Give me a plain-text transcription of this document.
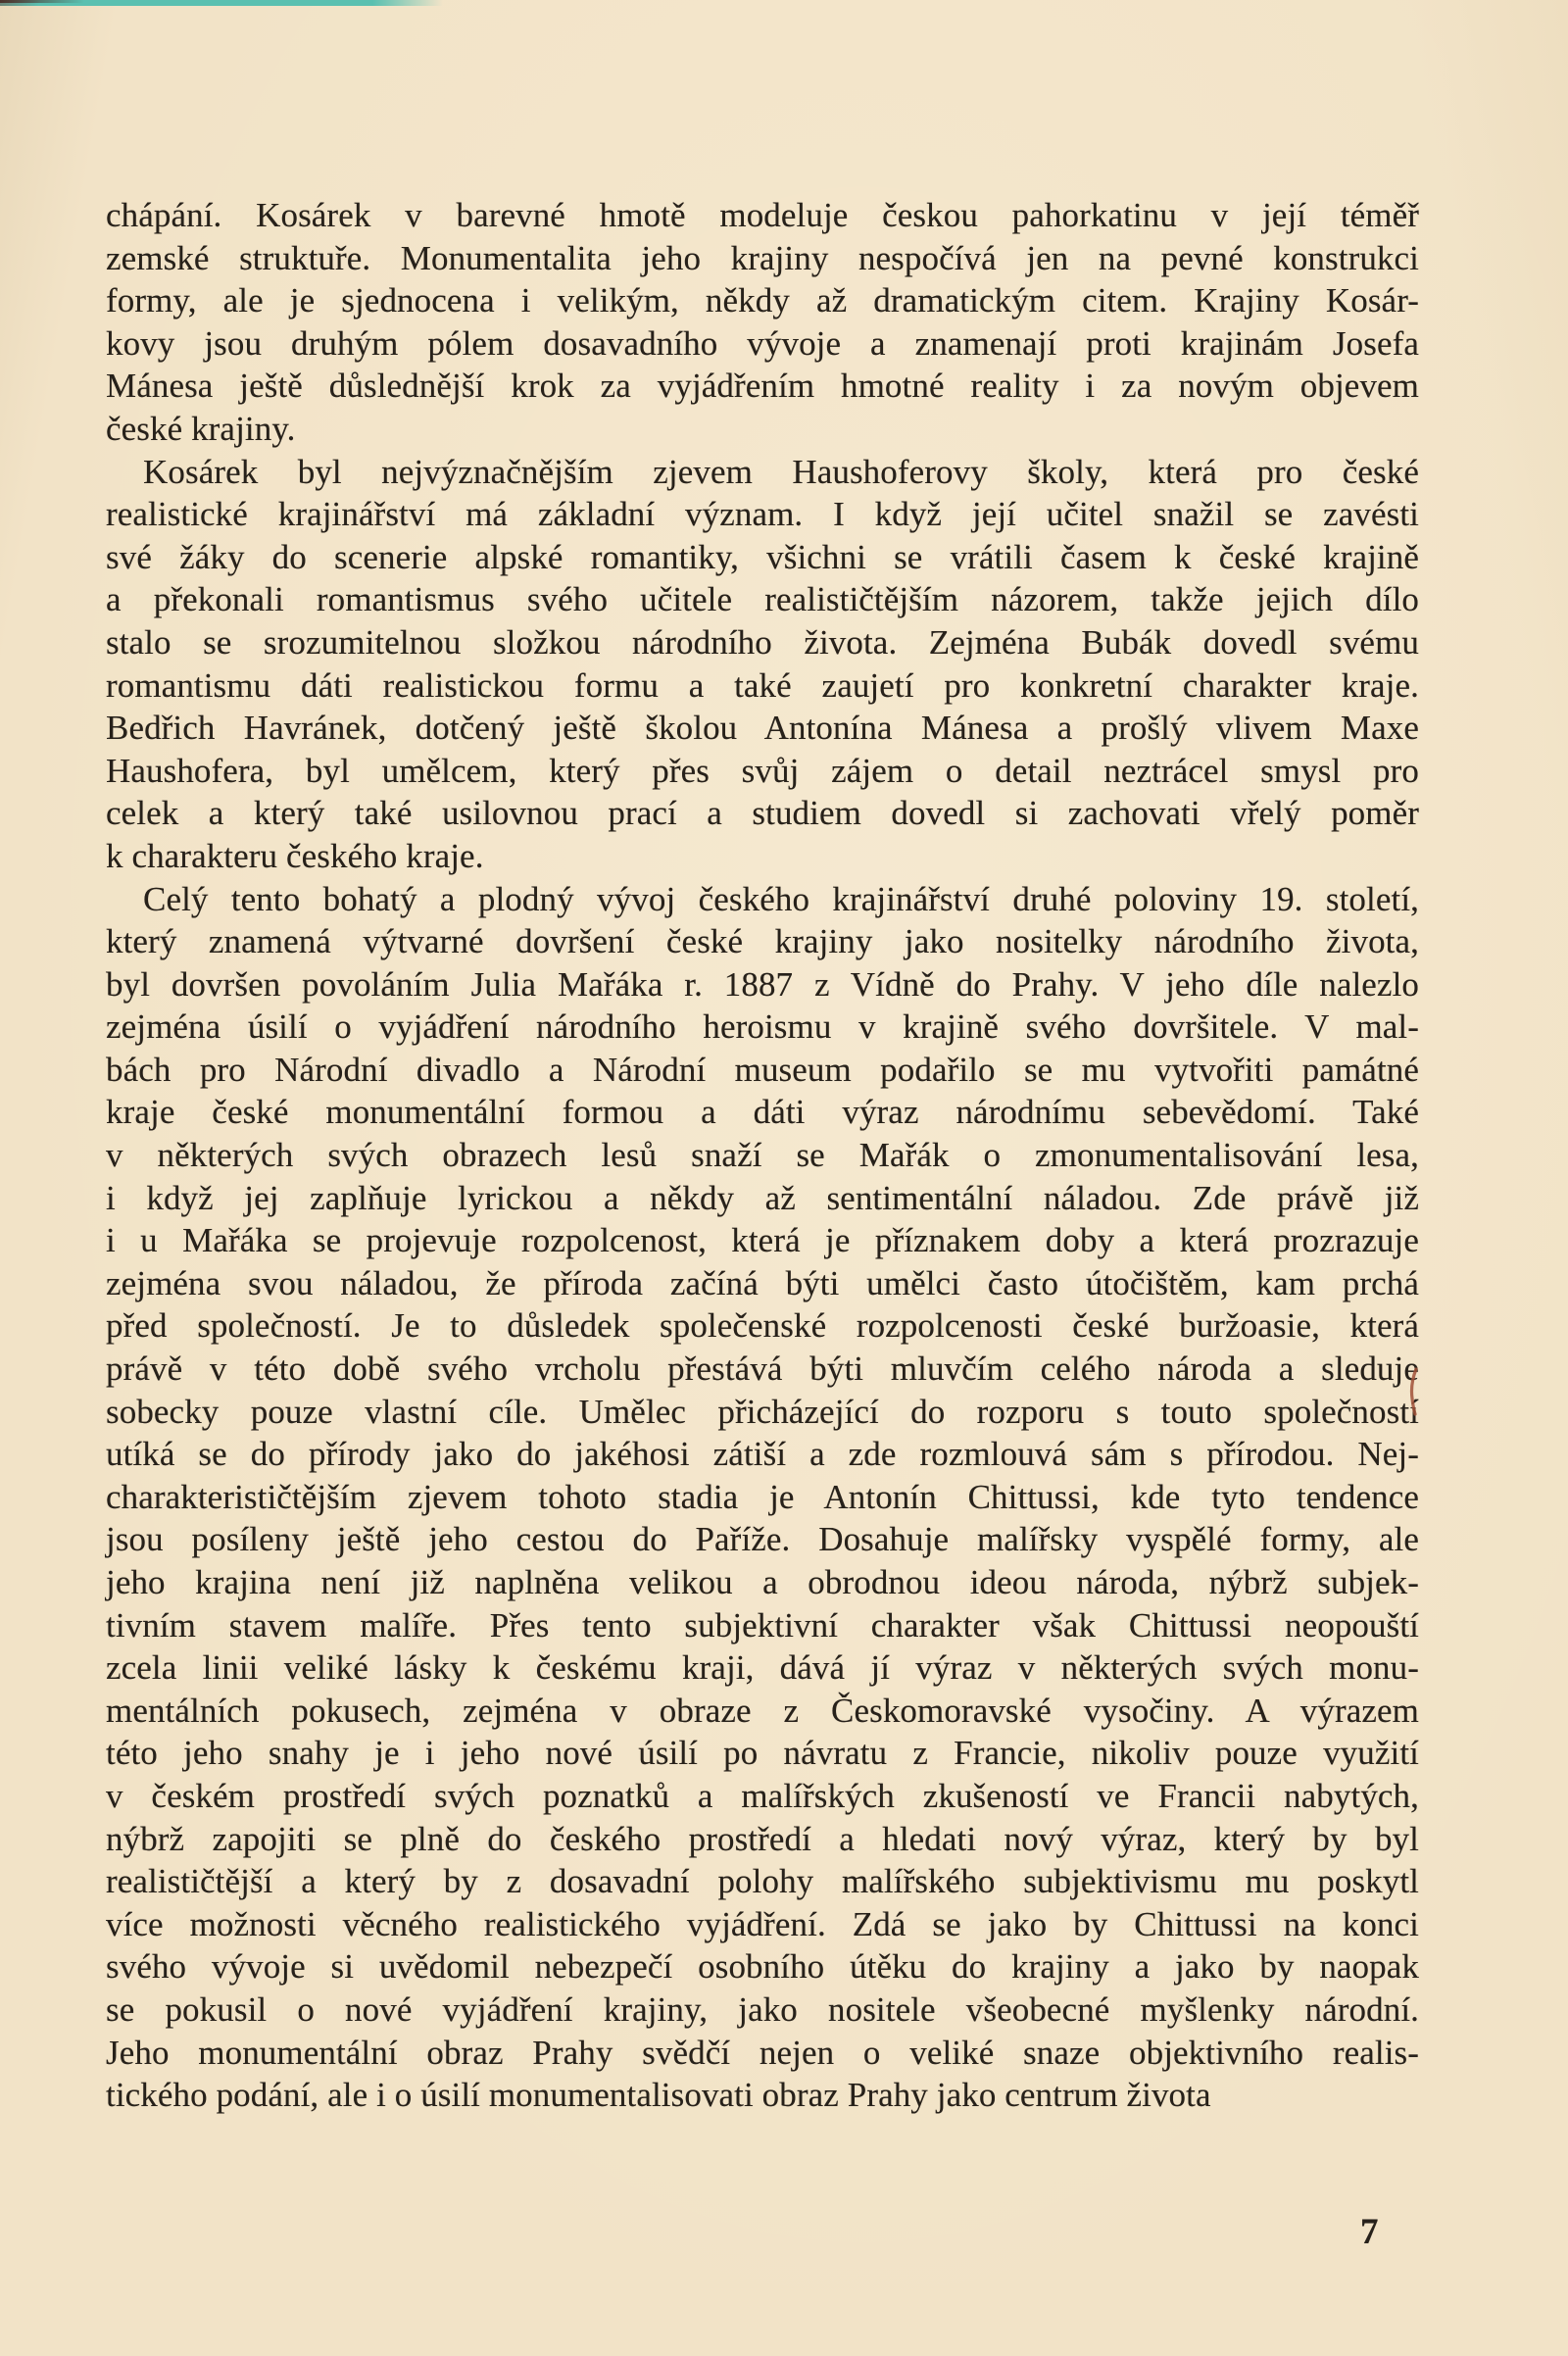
chápání. Kosárek v barevné hmotě modeluje českou pahorkatinu v její téměř
zemské struktuře. Monumentalita jeho krajiny nespočívá jen na pevné konstrukci
formy, ale je sjednocena i velikým, někdy až dramatickým citem. Krajiny Kosár-
kovy jsou druhým pólem dosavadního vývoje a znamenají proti krajinám Josefa
Mánesa ještě důslednější krok za vyjádřením hmotné reality i za novým objevem
české krajiny.
Kosárek byl nejvýznačnějším zjevem Haushoferovy školy, která pro české
realistické krajinářství má základní význam. I když její učitel snažil se zavésti
své žáky do scenerie alpské romantiky, všichni se vrátili časem k české krajině
a překonali romantismus svého učitele realističtějším názorem, takže jejich dílo
stalo se srozumitelnou složkou národního života. Zejména Bubák dovedl svému
romantismu dáti realistickou formu a také zaujetí pro konkretní charakter kraje.
Bedřich Havránek, dotčený ještě školou Antonína Mánesa a prošlý vlivem Maxe
Haushofera, byl umělcem, který přes svůj zájem o detail neztrácel smysl pro
celek a který také usilovnou prací a studiem dovedl si zachovati vřelý poměr
k charakteru českého kraje.
Celý tento bohatý a plodný vývoj českého krajinářství druhé poloviny 19. století,
který znamená výtvarné dovršení české krajiny jako nositelky národního života,
byl dovršen povoláním Julia Mařáka r. 1887 z Vídně do Prahy. V jeho díle nalezlo
zejména úsilí o vyjádření národního heroismu v krajině svého dovršitele. V mal-
bách pro Národní divadlo a Národní museum podařilo se mu vytvořiti památné
kraje české monumentální formou a dáti výraz národnímu sebevědomí. Také
v některých svých obrazech lesů snaží se Mařák o zmonumentalisování lesa,
i když jej zaplňuje lyrickou a někdy až sentimentální náladou. Zde právě již
i u Mařáka se projevuje rozpolcenost, která je příznakem doby a která prozrazuje
zejména svou náladou, že příroda začíná býti umělci často útočištěm, kam prchá
před společností. Je to důsledek společenské rozpolcenosti české buržoasie, která
právě v této době svého vrcholu přestává býti mluvčím celého národa a sleduje
sobecky pouze vlastní cíle. Umělec přicházející do rozporu s touto společností
utíká se do přírody jako do jakéhosi zátiší a zde rozmlouvá sám s přírodou. Nej-
charakterističtějším zjevem tohoto stadia je Antonín Chittussi, kde tyto tendence
jsou posíleny ještě jeho cestou do Paříže. Dosahuje malířsky vyspělé formy, ale
jeho krajina není již naplněna velikou a obrodnou ideou národa, nýbrž subjek-
tivním stavem malíře. Přes tento subjektivní charakter však Chittussi neopouští
zcela linii veliké lásky k českému kraji, dává jí výraz v některých svých monu-
mentálních pokusech, zejména v obraze z Českomoravské vysočiny. A výrazem
této jeho snahy je i jeho nové úsilí po návratu z Francie, nikoliv pouze využití
v českém prostředí svých poznatků a malířských zkušeností ve Francii nabytých,
nýbrž zapojiti se plně do českého prostředí a hledati nový výraz, který by byl
realističtější a který by z dosavadní polohy malířského subjektivismu mu poskytl
více možnosti věcného realistického vyjádření. Zdá se jako by Chittussi na konci
svého vývoje si uvědomil nebezpečí osobního útěku do krajiny a jako by naopak
se pokusil o nové vyjádření krajiny, jako nositele všeobecné myšlenky národní.
Jeho monumentální obraz Prahy svědčí nejen o veliké snaze objektivního realis-
tického podání, ale i o úsilí monumentalisovati obraz Prahy jako centrum života
7
